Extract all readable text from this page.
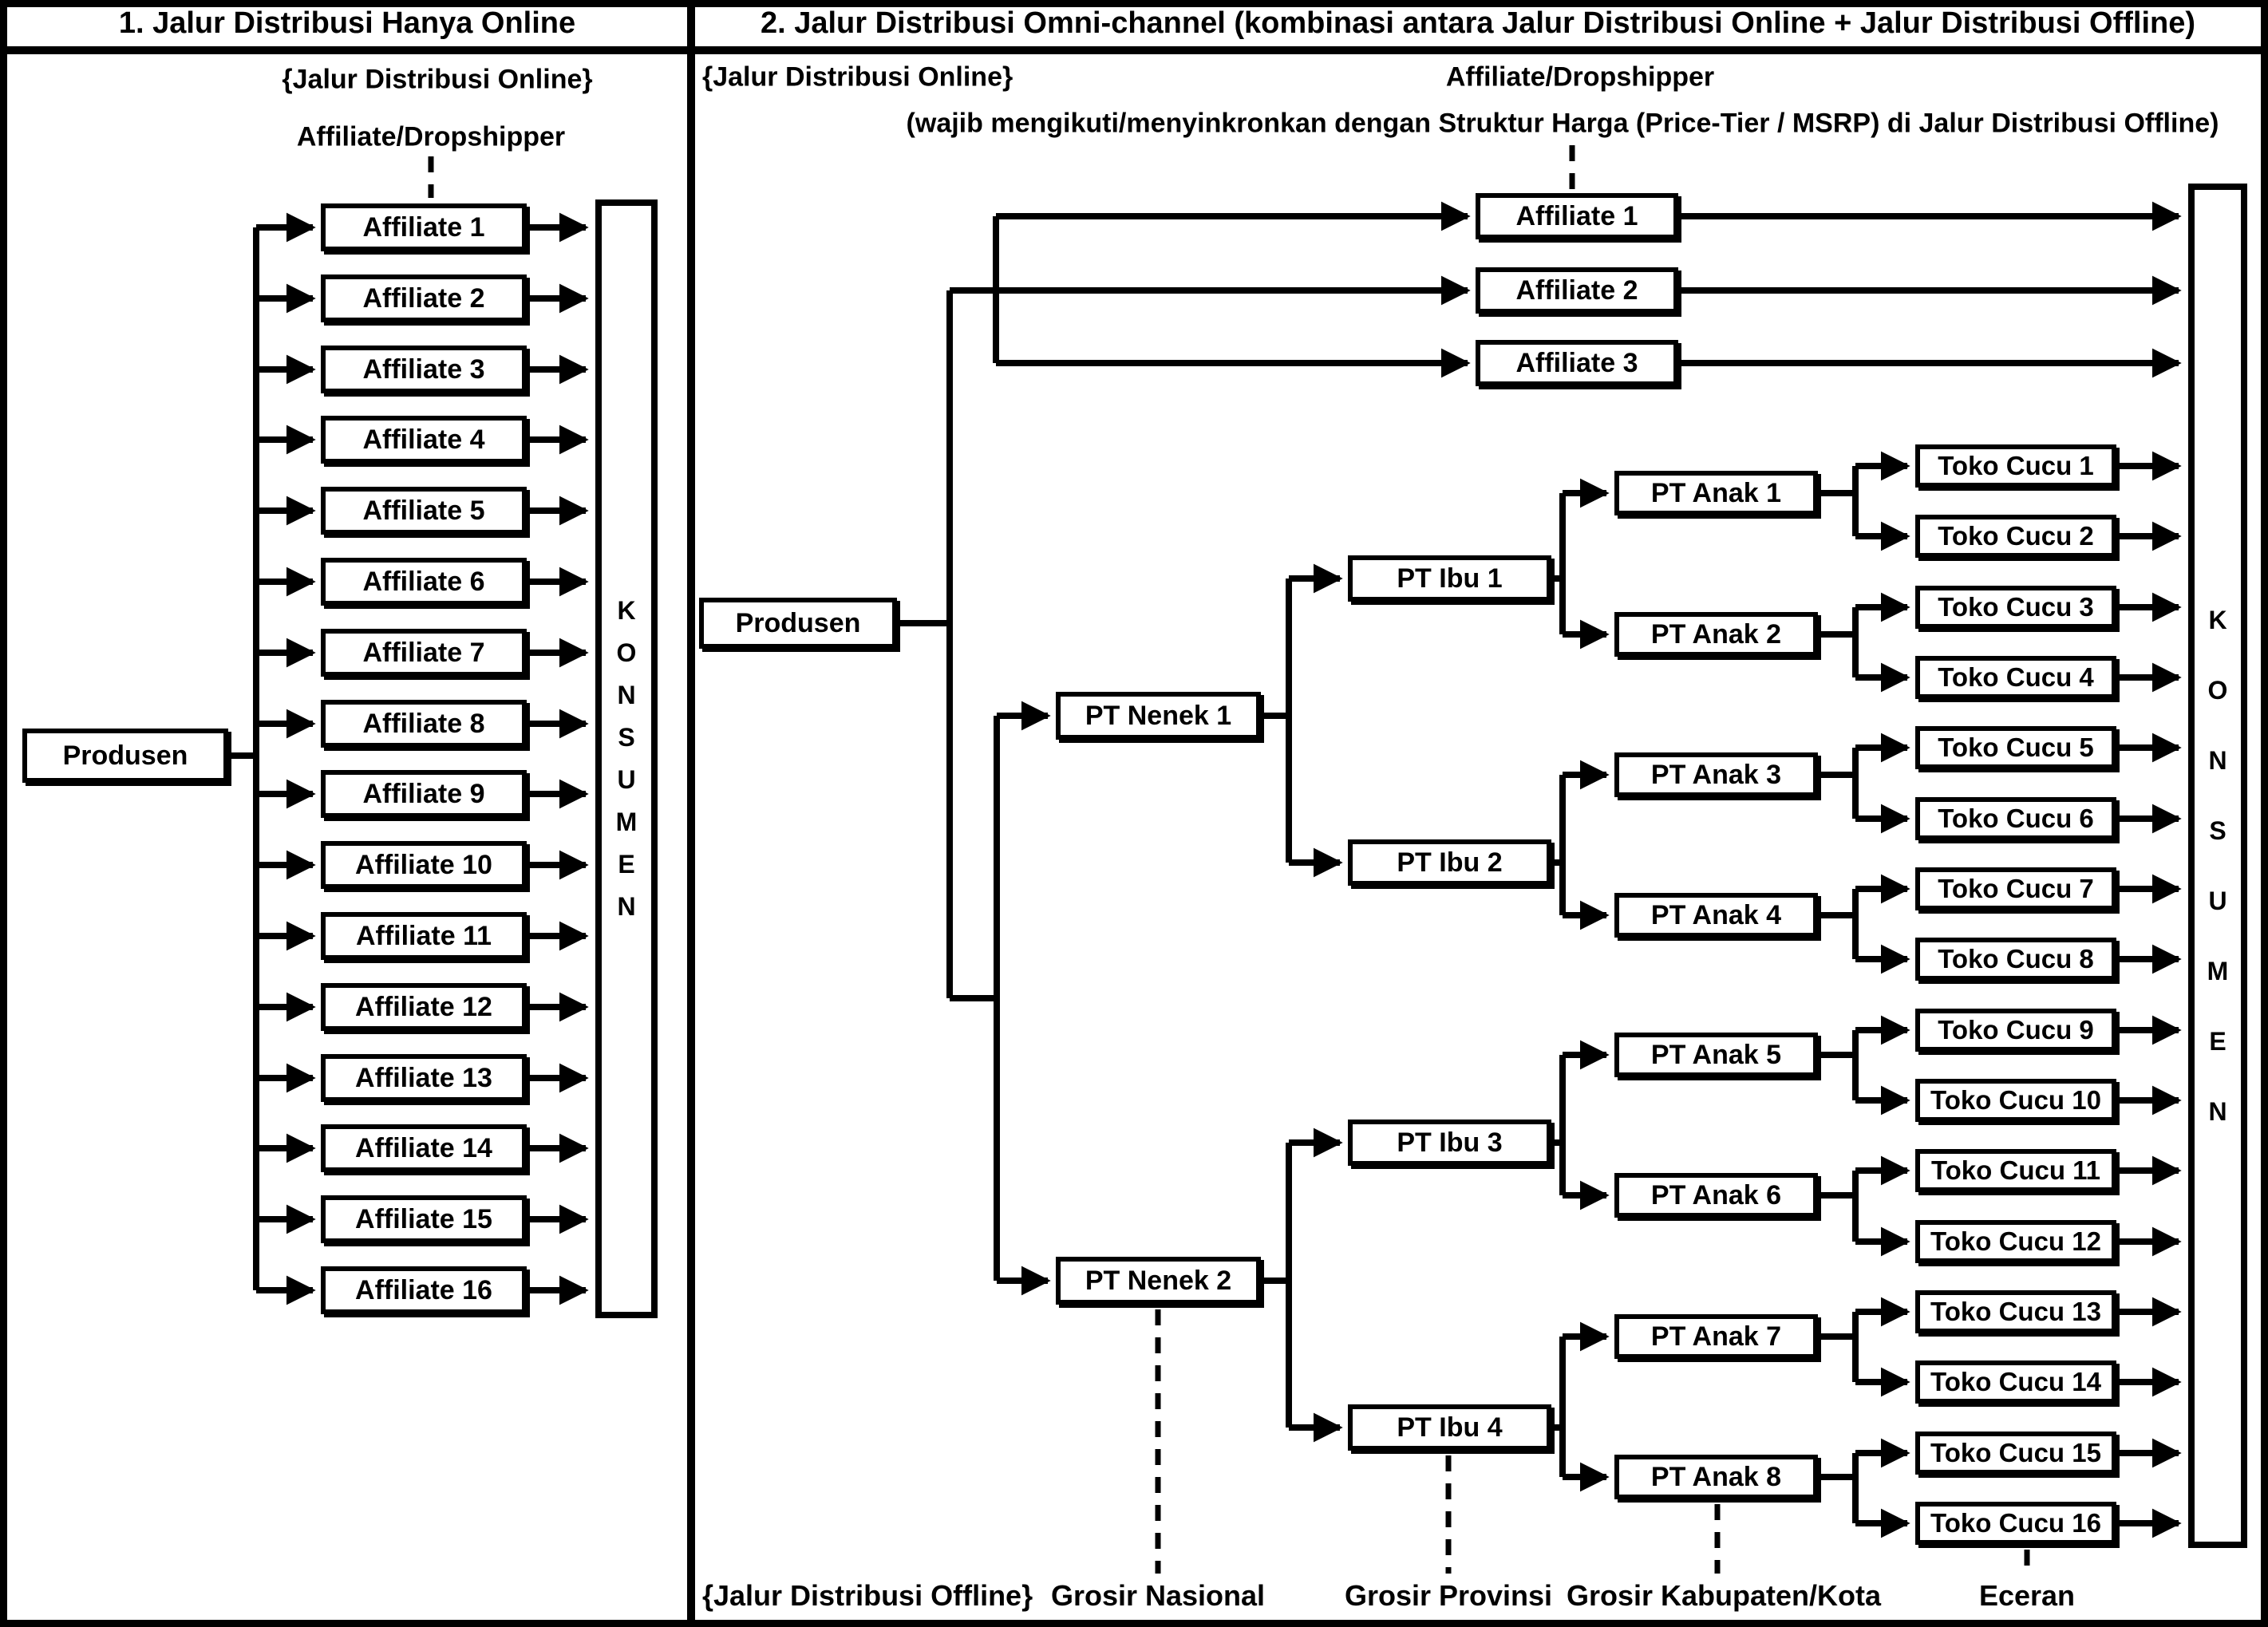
1. Jalur Distribusi Hanya Online	2. Jalur Distribusi Omni-channel (kombinasi antara Jalur Distribusi Online + Jalur Distribusi Offline)
{Jalur Distribusi Online}
Affiliate/Dropshipper
{Jalur Distribusi Online}	Affiliate/Dropshipper
(wajib mengikuti/menyinkronkan dengan Struktur Harga (Price-Tier / MSRP) di Jalur Distribusi Offline)
{Jalur Distribusi Offline} Grosir Nasional	Grosir Provinsi Grosir Kabupaten/Kota	Eceran
K
O
N
S
U
M
E
N
K
O
N
S
U
M
E
N
Produsen
Affiliate 1
Affiliate 2
Affiliate 3
Affiliate 4
Affiliate 5
Affiliate 6
Affiliate 7
Affiliate 8
Affiliate 9
Affiliate 10
Affiliate 11
Affiliate 12
Affiliate 13
Affiliate 14
Affiliate 15
Affiliate 16
Produsen
Affiliate 1
Affiliate 2
Affiliate 3
PT Nenek 1
PT Nenek 2
PT Ibu 1
PT Ibu 2
PT Ibu 3
PT Ibu 4
PT Anak 1
PT Anak 2
PT Anak 3
PT Anak 4
PT Anak 5
PT Anak 6
PT Anak 7
PT Anak 8
Toko Cucu 1
Toko Cucu 2
Toko Cucu 3
Toko Cucu 4
Toko Cucu 5
Toko Cucu 6
Toko Cucu 7
Toko Cucu 8
Toko Cucu 9
Toko Cucu 10
Toko Cucu 11
Toko Cucu 12
Toko Cucu 13
Toko Cucu 14
Toko Cucu 15
Toko Cucu 16
